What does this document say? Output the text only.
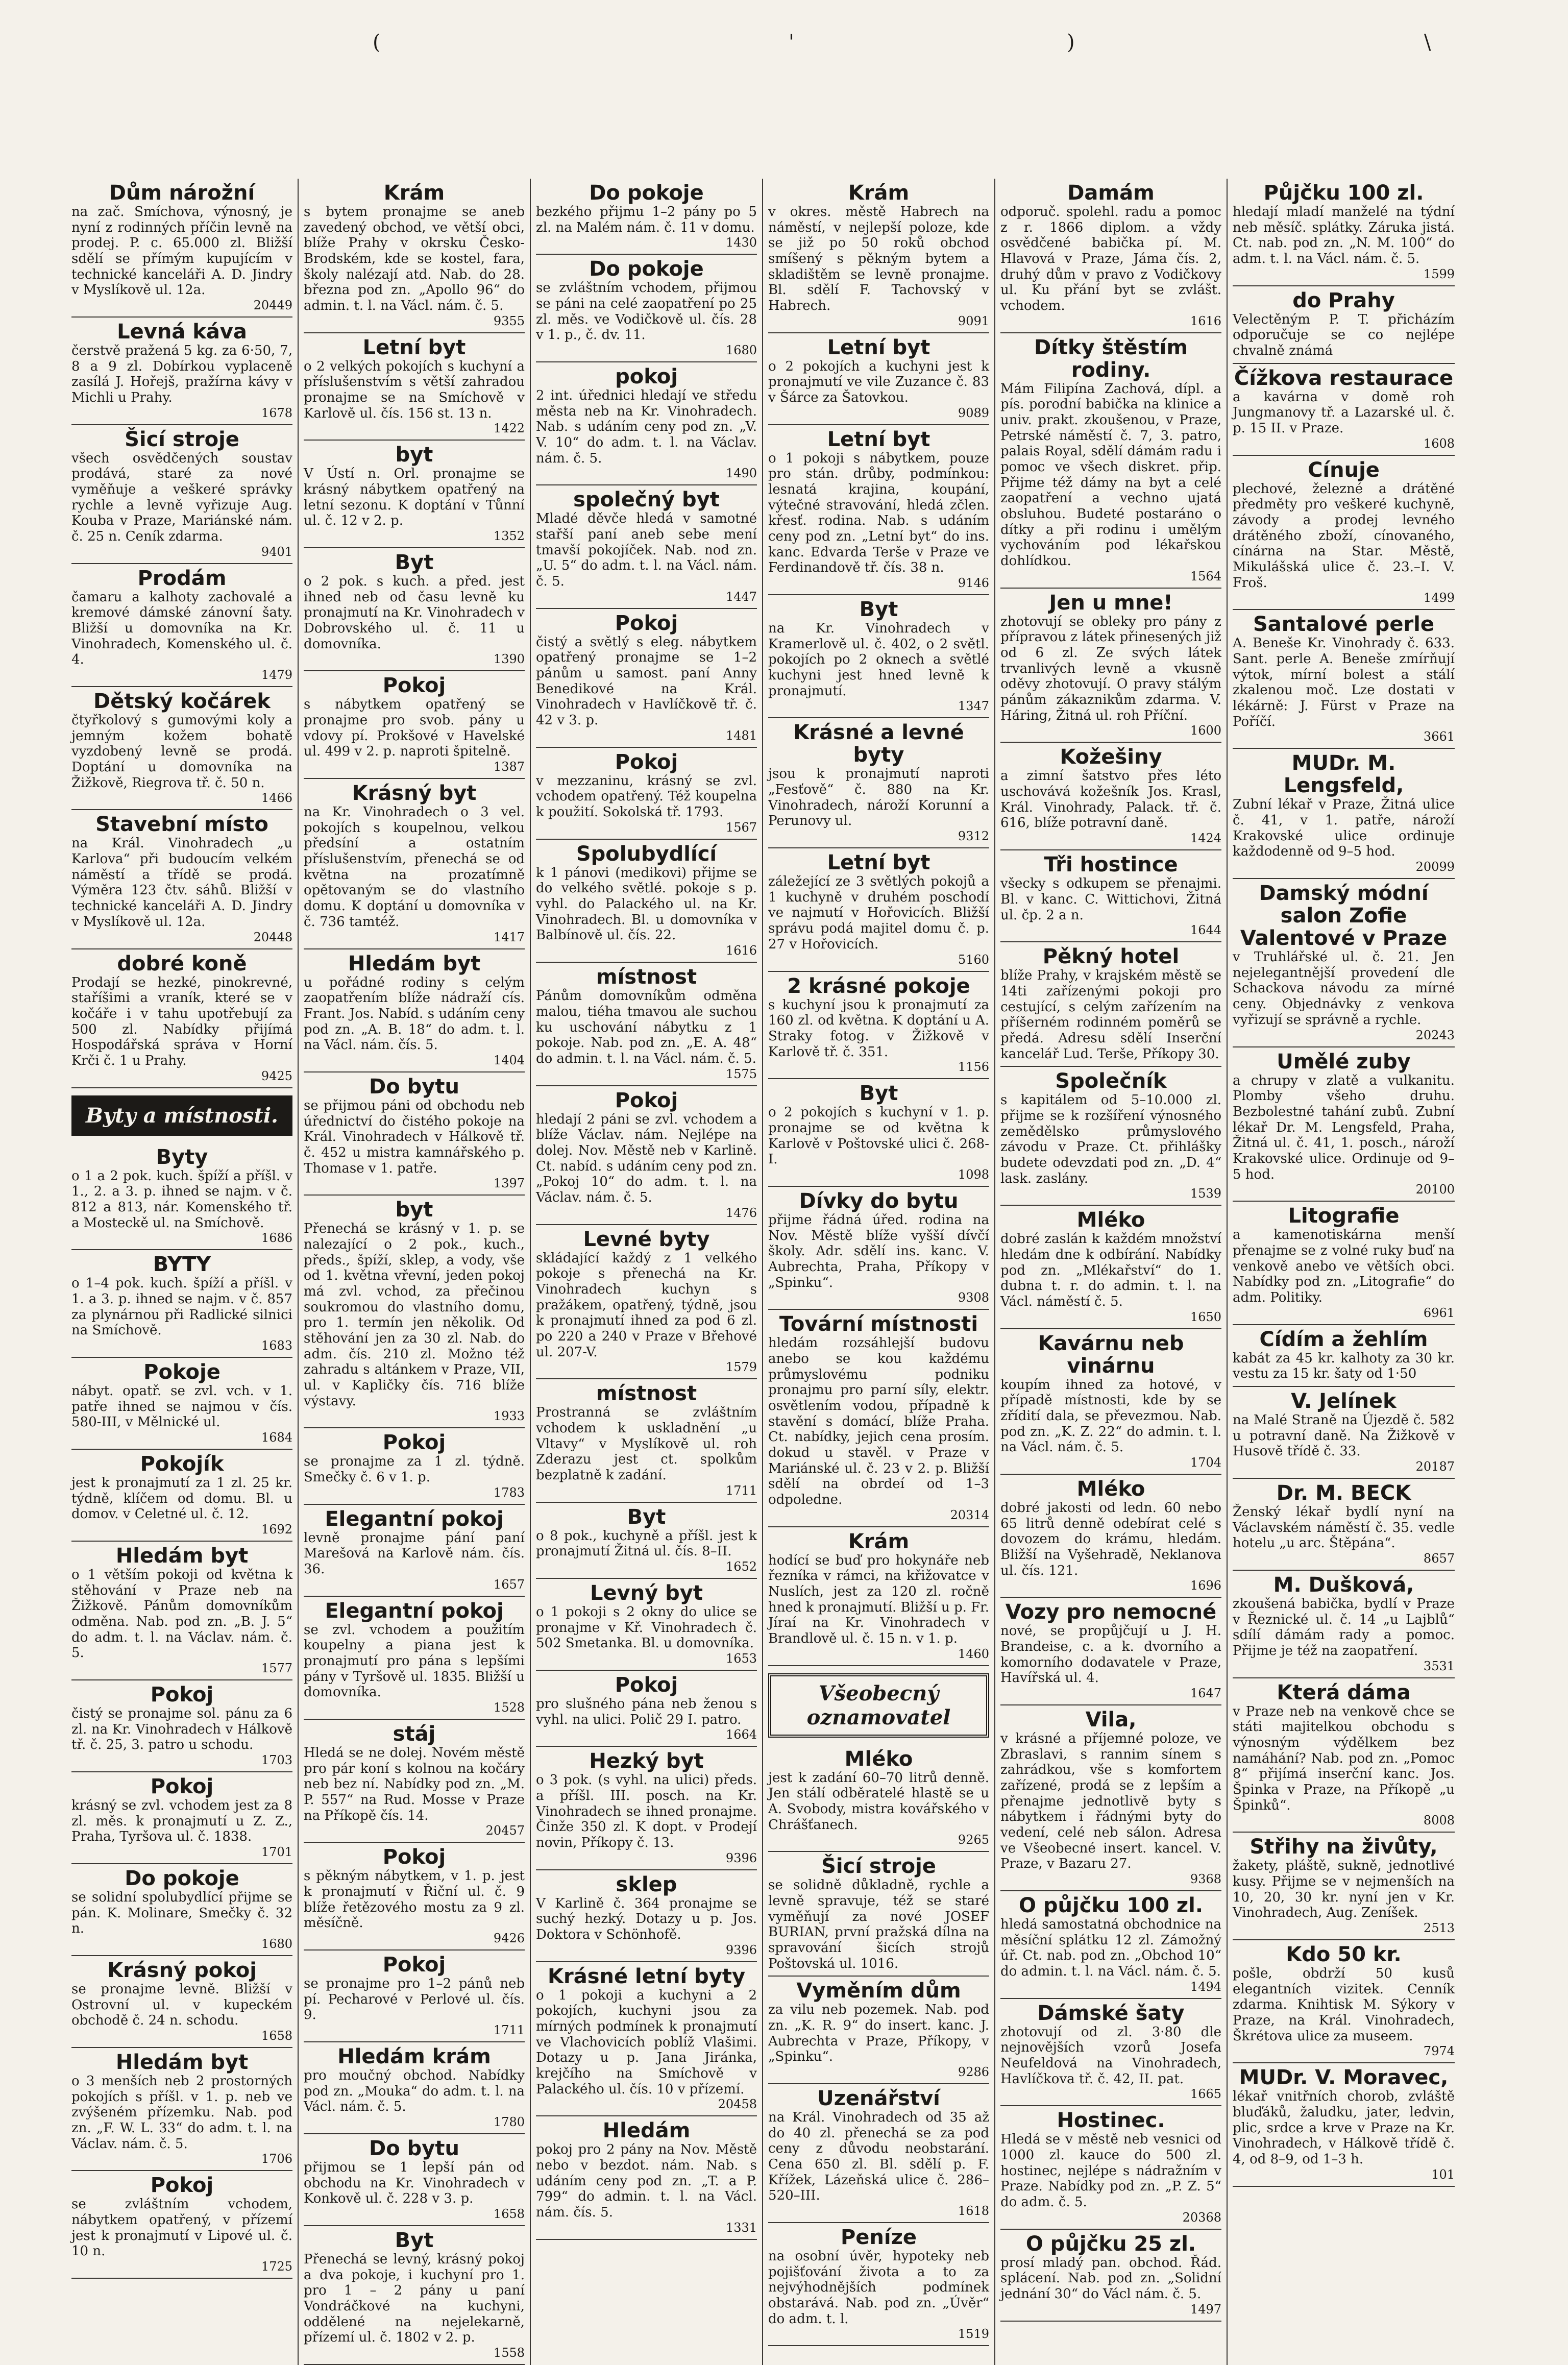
(	'	)	\
Dům nárožní
na zač. Smíchova, výnosný, je nyní z rodinných příčin levně na prodej. P. c. 65.000 zl. Bližší sdělí se přímým kupujícím v technické kanceláři A. D. Jindry v Myslíkově ul. 12a.
20449
Levná káva
čerstvě pražená 5 kg. za 6·50, 7, 8 a 9 zl. Dobírkou vyplaceně zasílá J. Hořejš, pražírna kávy v Michli u Prahy.
1678
Šicí stroje
všech osvědčených soustav prodává, staré za nové vyměňuje a veškeré správky rychle a levně vyřizuje Aug. Kouba v Praze, Mariánské nám. č. 25 n. Ceník zdarma.
9401
Prodám
čamaru a kalhoty zachovalé a kremové dámské zánovní šaty. Bližší u domovníka na Kr. Vinohradech, Komenského ul. č. 4.
1479
Dětský kočárek
čtyřkolový s gumovými koly a jemným kožem bohatě vyzdobený levně se prodá. Doptání u domovníka na Žižkově, Riegrova tř. č. 50 n.
1466
Stavební místo
na Král. Vinohradech „u Karlova“ při budoucím velkém náměstí a třídě se prodá. Výměra 123 čtv. sáhů. Bližší v technické kanceláři A. D. Jindry v Myslíkově ul. 12a.
20448
dobré koně
Prodají se hezké, pinokrevné, staříšimi a vraník, které se v kočáře i v tahu upotřebují za 500 zl. Nabídky přijímá Hospodářská správa v Horní Krči č. 1 u Prahy.
9425
Byty a místnosti.
Byty
o 1 a 2 pok. kuch. špíží a příšl. v 1., 2. a 3. p. ihned se najm. v č. 812 a 813, nár. Komenského tř. a Mosteckě ul. na Smíchově.
1686
BYTY
o 1–4 pok. kuch. špíží a příšl. v 1. a 3. p. ihned se najm. v č. 857 za plynárnou při Radlické silnici na Smíchově.
1683
Pokoje
nábyt. opatř. se zvl. vch. v 1. patře ihned se najmou v čís. 580-III, v Mělnické ul.
1684
Pokojík
jest k pronajmutí za 1 zl. 25 kr. týdně, klíčem od domu. Bl. u domov. v Celetné ul. č. 12.
1692
Hledám byt
o 1 větším pokoji od května k stěhování v Praze neb na Žižkově. Pánům domovníkům odměna. Nab. pod zn. „B. J. 5“ do adm. t. l. na Václav. nám. č. 5.
1577
Pokoj
čistý se pronajme sol. pánu za 6 zl. na Kr. Vinohradech v Hálkově tř. č. 25, 3. patro u schodu.
1703
Pokoj
krásný se zvl. vchodem jest za 8 zl. měs. k pronajmutí u Z. Z., Praha, Tyršova ul. č. 1838.
1701
Do pokoje
se solidní spolubydlící přijme se pán. K. Molinare, Smečky č. 32 n.
1680
Krásný pokoj
se pronajme levně. Bližší v Ostrovní ul. v kupeckém obchodě č. 24 n. schodu.
1658
Hledám byt
o 3 menších neb 2 prostorných pokojích s příšl. v 1. p. neb ve zvýšeném přízemku. Nab. pod zn. „F. W. L. 33“ do adm. t. l. na Václav. nám. č. 5.
1706
Pokoj
se zvláštním vchodem, nábytkem opatřený, v přízemí jest k pronajmutí v Lipové ul. č. 10 n.
1725
Krám
s bytem pronajme se aneb zavedený obchod, ve větší obci, blíže Prahy v okrsku Česko-Brodském, kde se kostel, fara, školy nalézají atd. Nab. do 28. března pod zn. „Apollo 96“ do admin. t. l. na Václ. nám. č. 5.
9355
Letní byt
o 2 velkých pokojích s kuchyní a příslušenstvím s větší zahradou pronajme se na Smíchově v Karlově ul. čís. 156 st. 13 n.
1422
byt
V Ústí n. Orl. pronajme se krásný nábytkem opatřený na letní sezonu. K doptání v Tůnní ul. č. 12 v 2. p.
1352
Byt
o 2 pok. s kuch. a před. jest ihned neb od času levně ku pronajmutí na Kr. Vinohradech v Dobrovského ul. č. 11 u domovníka.
1390
Pokoj
s nábytkem opatřený se pronajme pro svob. pány u vdovy pí. Prokšové v Havelské ul. 499 v 2. p. naproti špitelně.
1387
Krásný byt
na Kr. Vinohradech o 3 vel. pokojích s koupelnou, velkou předsíní a ostatním příslušenstvím, přenechá se od května na prozatímně opětovaným se do vlastního domu. K doptání u domovníka v č. 736 tamtéž.
1417
Hledám byt
u pořádné rodiny s celým zaopatřením blíže nádraží cís. Frant. Jos. Nabíd. s udáním ceny pod zn. „A. B. 18“ do adm. t. l. na Václ. nám. čís. 5.
1404
Do bytu
se přijmou páni od obchodu neb úřednictví do čistého pokoje na Král. Vinohradech v Hálkově tř. č. 452 u mistra kamnářského p. Thomase v 1. patře.
1397
byt
Přenechá se krásný v 1. p. se nalezající o 2 pok., kuch., předs., špíží, sklep, a vody, vše od 1. května vřevní, jeden pokoj má zvl. vchod, za přečinou soukromou do vlastního domu, pro 1. termín jen několik. Od stěhování jen za 30 zl. Nab. do adm. čís. 210 zl. Možno též zahradu s altánkem v Praze, VII, ul. v Kapličky čís. 716 blíže výstavy.
1933
Pokoj
se pronajme za 1 zl. týdně. Smečky č. 6 v 1. p.
1783
Elegantní pokoj
levně pronajme pání paní Marešová na Karlově nám. čís. 36.
1657
Elegantní pokoj
se zvl. vchodem a použitím koupelny a piana jest k pronajmutí pro pána s lepšími pány v Tyršově ul. 1835. Bližší u domovníka.
1528
stáj
Hledá se ne dolej. Novém městě pro pár koní s kolnou na kočáry neb bez ní. Nabídky pod zn. „M. P. 557“ na Rud. Mosse v Praze na Příkopě čís. 14.
20457
Pokoj
s pěkným nábytkem, v 1. p. jest k pronajmutí v Řiční ul. č. 9 blíže řetězového mostu za 9 zl. měsíčně.
9426
Pokoj
se pronajme pro 1–2 pánů neb pí. Pecharové v Perlové ul. čís. 9.
1711
Hledám krám
pro moučný obchod. Nabídky pod zn. „Mouka“ do adm. t. l. na Václ. nám. č. 5.
1780
Do bytu
přijmou se 1 lepší pán od obchodu na Kr. Vinohradech v Konkově ul. č. 228 v 3. p.
1658
Byt
Přenechá se levný, krásný pokoj a dva pokoje, i kuchyní pro 1. pro 1 – 2 pány u paní Vondráčkové na kuchyni, oddělené na nejelekarně, přízemí ul. č. 1802 v 2. p.
1558
Do pokoje
bezkého přijmu 1–2 pány po 5 zl. na Malém nám. č. 11 v domu.
1430
Do pokoje
se zvláštním vchodem, přijmou se páni na celé zaopatření po 25 zl. měs. ve Vodičkově ul. čís. 28 v 1. p., č. dv. 11.
1680
pokoj
2 int. úřednici hledají ve středu města neb na Kr. Vinohradech. Nab. s udáním ceny pod zn. „V. V. 10“ do adm. t. l. na Václav. nám. č. 5.
1490
společný byt
Mladé děvče hledá v samotné stařší paní aneb sebe mení tmavší pokojíček. Nab. nod zn. „U. 5“ do adm. t. l. na Václ. nám. č. 5.
1447
Pokoj
čistý a světlý s eleg. nábytkem opatřený pronajme se 1–2 pánům u samost. paní Anny Benedikové na Král. Vinohradech v Havlíčkově tř. č. 42 v 3. p.
1481
Pokoj
v mezzaninu, krásný se zvl. vchodem opatřený. Též koupelna k použití. Sokolská tř. 1793.
1567
Spolubydlící
k 1 pánovi (medikovi) přijme se do velkého světlé. pokoje s p. vyhl. do Palackého ul. na Kr. Vinohradech. Bl. u domovníka v Balbínově ul. čís. 22.
1616
místnost
Pánům domovníkům odměna malou, tiéha tmavou ale suchou ku uschování nábytku z 1 pokoje. Nab. pod zn. „E. A. 48“ do admin. t. l. na Václ. nám. č. 5.
1575
Pokoj
hledají 2 páni se zvl. vchodem a blíže Václav. nám. Nejlépe na dolej. Nov. Městě neb v Karlině. Ct. nabíd. s udáním ceny pod zn. „Pokoj 10“ do adm. t. l. na Václav. nám. č. 5.
1476
Levné byty
skládající každý z 1 velkého pokoje s přenechá na Kr. Vinohradech kuchyn s pražákem, opatřený, týdně, jsou k pronajmutí ihned za pod 6 zl. po 220 a 240 v Praze v Břehové ul. 207-V.
1579
místnost
Prostranná se zvláštním vchodem k uskladnění „u Vltavy“ v Myslíkově ul. roh Zderazu jest ct. spolkům bezplatně k zadání.
1711
Byt
o 8 pok., kuchyně a příšl. jest k pronajmutí Žitná ul. čís. 8–II.
1652
Levný byt
o 1 pokoji s 2 okny do ulice se pronajme v Kř. Vinohradech č. 502 Smetanka. Bl. u domovníka.
1653
Pokoj
pro slušného pána neb ženou s vyhl. na ulici. Polič 29 I. patro.
1664
Hezký byt
o 3 pok. (s vyhl. na ulici) předs. a příšl. III. posch. na Kr. Vinohradech se ihned pronajme. Činže 350 zl. K dopt. v Prodejí novin, Příkopy č. 13.
9396
sklep
V Karlině č. 364 pronajme se suchý hezký. Dotazy u p. Jos. Doktora v Schönhofě.
9396
Krásné letní byty
o 1 pokoji a kuchyni a 2 pokojích, kuchyni jsou za mírných podmínek k pronajmutí ve Vlachovicích poblíž Vlašimi. Dotazy u p. Jana Jiránka, krejčího na Smíchově v Palackého ul. čís. 10 v přízemí.
20458
Hledám
pokoj pro 2 pány na Nov. Městě nebo v bezdot. nám. Nab. s udáním ceny pod zn. „T. a P. 799“ do admin. t. l. na Václ. nám. čís. 5.
1331
Krám
v okres. městě Habrech na náměstí, v nejlepší poloze, kde se již po 50 roků obchod smíšený s pěkným bytem a skladištěm se levně pronajme. Bl. sdělí F. Tachovský v Habrech.
9091
Letní byt
o 2 pokojích a kuchyni jest k pronajmutí ve vile Zuzance č. 83 v Šárce za Šatovkou.
9089
Letní byt
o 1 pokoji s nábytkem, pouze pro stán. drůby, podmínkou: lesnatá krajina, koupání, výtečné stravování, hledá zčlen. křesť. rodina. Nab. s udáním ceny pod zn. „Letní byt“ do ins. kanc. Edvarda Terše v Praze ve Ferdinandově tř. čís. 38 n.
9146
Byt
na Kr. Vinohradech v Kramerlově ul. č. 402, o 2 světl. pokojích po 2 oknech a světlé kuchyni jest hned levně k pronajmutí.
1347
Krásné a levné byty
jsou k pronajmutí naproti „Fesťově“ č. 880 na Kr. Vinohradech, nároží Korunní a Perunovy ul.
9312
Letní byt
záležející ze 3 světlých pokojů a 1 kuchyně v druhém poschodí ve najmutí v Hořovicích. Bližší správu podá majitel domu č. p. 27 v Hořovicích.
5160
2 krásné pokoje
s kuchyní jsou k pronajmutí za 160 zl. od května. K doptání u A. Straky fotog. v Žižkově v Karlově tř. č. 351.
1156
Byt
o 2 pokojích s kuchyní v 1. p. pronajme se od května k Karlově v Poštovské ulici č. 268-I.
1098
Dívky do bytu
přijme řádná úřed. rodina na Nov. Městě blíže vyšší dívčí školy. Adr. sdělí ins. kanc. V. Aubrechta, Praha, Příkopy v „Spinku“.
9308
Tovární místnosti
hledám rozsáhlejší budovu anebo se kou každému průmyslovému podniku pronajmu pro parní síly, elektr. osvětlením vodou, případně k stavění s domácí, blíže Praha. Ct. nabídky, jejich cena prosím. dokud u stavěl. v Praze v Mariánské ul. č. 23 v 2. p. Bližší sdělí na obrdeí od 1–3 odpoledne.
20314
Krám
hodící se buď pro hokynáře neb řezníka v rámci, na křižovatce v Nuslích, jest za 120 zl. ročně hned k pronajmutí. Bližší u p. Fr. Jíraí na Kr. Vinohradech v Brandlově ul. č. 15 n. v 1. p.
1460
Všeobecný oznamovatel
Mléko
jest k zadání 60–70 litrů denně. Jen stálí odběratelé hlastě se u A. Svobody, mistra kovářského v Chrášťanech.
9265
Šicí stroje
se solidně důkladně, rychle a levně spravuje, též se staré vyměňují za nové JOSEF BURIAN, první pražská dílna na spravování šicích strojů Poštovská ul. 1016.
Vyměním dům
za vilu neb pozemek. Nab. pod zn. „K. R. 9“ do insert. kanc. J. Aubrechta v Praze, Příkopy, v „Spinku“.
9286
Uzenářství
na Král. Vinohradech od 35 až do 40 zl. přenechá se za pod ceny z důvodu neobstarání. Cena 650 zl. Bl. sdělí p. F. Křížek, Lázeňská ulice č. 286–520–III.
1618
Peníze
na osobní úvěr, hypoteky neb pojišťování života a to za nejvýhodnějších podmínek obstarává. Nab. pod zn. „Úvěr“ do adm. t. l.
1519
Damám
odporuč. spolehl. radu a pomoc z r. 1866 diplom. a vždy osvědčené babička pí. M. Hlavová v Praze, Jáma čís. 2, druhý dům v pravo z Vodičkovy ul. Ku přání byt se zvlášt. vchodem.
1616
Dítky štěstím rodiny.
Mám Filipína Zachová, dípl. a pís. porodní babička na klinice a univ. prakt. zkoušenou, v Praze, Petrské náměstí č. 7, 3. patro, palais Royal, sdělí dámám radu i pomoc ve všech diskret. přip. Přijme též dámy na byt a celé zaopatření a vechno ujatá obsluhou. Budeté postaráno o dítky a při rodinu i umělým vychováním pod lékařskou dohlídkou.
1564
Jen u mne!
zhotovují se obleky pro pány z přípravou z látek přinesených již od 6 zl. Ze svých látek trvanlivých levně a vkusně oděvy zhotovují. O pravy stálým pánům zákaznikům zdarma. V. Háring, Žitná ul. roh Příční.
1600
Kožešiny
a zimní šatstvo přes léto uschovává kožešník Jos. Krasl, Král. Vinohrady, Palack. tř. č. 616, blíže potravní daně.
1424
Tři hostince
všecky s odkupem se přenajmi. Bl. v kanc. C. Wittichovi, Žitná ul. čp. 2 a n.
1644
Pěkný hotel
blíže Prahy, v krajském městě se 14ti zařízenými pokoji pro cestující, s celým zařízením na příšerném rodinném poměrů se předá. Adresu sdělí Inserční kancelář Lud. Terše, Příkopy 30.
Společník
s kapitálem od 5–10.000 zl. přijme se k rozšíření výnosného zemědělsko průmyslového závodu v Praze. Ct. přihlášky budete odevzdati pod zn. „D. 4“ lask. zaslány.
1539
Mléko
dobré zaslán k každém množství hledám dne k odbírání. Nabídky pod zn. „Mlékařství“ do 1. dubna t. r. do admin. t. l. na Václ. náměstí č. 5.
1650
Kavárnu neb vinárnu
koupím ihned za hotové, v případě místnosti, kde by se zřídití dala, se převezmou. Nab. pod zn. „K. Z. 22“ do admin. t. l. na Václ. nám. č. 5.
1704
Mléko
dobré jakosti od ledn. 60 nebo 65 litrů denně odebírat celé s dovozem do krámu, hledám. Bližší na Vyšehradě, Neklanova ul. čís. 121.
1696
Vozy pro nemocné
nové, se propůjčují u J. H. Brandeise, c. a k. dvorního a komorního dodavatele v Praze, Havířská ul. 4.
1647
Vila,
v krásné a příjemné poloze, ve Zbraslavi, s rannim sínem s zahrádkou, vše s komfortem zařízené, prodá se z lepším a přenajme jednotlivě byty s nábytkem i řádnými byty do vedení, celé neb sálon. Adresa ve Všeobecné insert. kancel. V. Praze, v Bazaru 27.
9368
O půjčku 100 zl.
hledá samostatná obchodnice na měsíční splátku 12 zl. Zámožný úř. Ct. nab. pod zn. „Obchod 10“ do admin. t. l. na Václ. nám. č. 5.
1494
Dámské šaty
zhotovují od zl. 3·80 dle nejnovějších vzorů Josefa Neufeldová na Vinohradech, Havlíčkova tř. č. 42, II. pat.
1665
Hostinec.
Hledá se v městě neb vesnici od 1000 zl. kauce do 500 zl. hostinec, nejlépe s nádražním v Praze. Nabídky pod zn. „P. Z. 5“ do adm. č. 5.
20368
O půjčku 25 zl.
prosí mladý pan. obchod. Řád. splácení. Nab. pod zn. „Solidní jednání 30“ do Václ nám. č. 5.
1497
Půjčku 100 zl.
hledají mladí manželé na týdní neb měsíč. splátky. Záruka jistá. Ct. nab. pod zn. „N. M. 100“ do adm. t. l. na Václ. nám. č. 5.
1599
do Prahy
Velectěným P. T. přicházím odporučuje se co nejlépe chvalně známá
Čížkova restaurace
a kavárna v domě roh Jungmanovy tř. a Lazarské ul. č. p. 15 II. v Praze.
1608
Cínuje
plechové, železné a drátěné předměty pro veškeré kuchyně, závody a prodej levného drátěného zboží, cínovaného, cínárna na Star. Městě, Mikulášská ulice č. 23.–I. V. Froš.
1499
Santalové perle
A. Beneše Kr. Vinohrady č. 633. Sant. perle A. Beneše zmírňují výtok, mírní bolest a stálí zkalenou moč. Lze dostati v lékárně: J. Fürst v Praze na Poříčí.
3661
MUDr. M. Lengsfeld,
Zubní lékař v Praze, Žitná ulice č. 41, v 1. patře, nároží Krakovské ulice ordinuje každodenně od 9–5 hod.
20099
Damský módní salon Zofie Valentové v Praze
v Truhlářské ul. č. 21. Jen nejelegantnější provedení dle Schackova návodu za mírné ceny. Objednávky z venkova vyřizují se správně a rychle.
20243
Umělé zuby
a chrupy v zlatě a vulkanitu. Plomby všeho druhu. Bezbolestné tahání zubů. Zubní lékař Dr. M. Lengsfeld, Praha, Žitná ul. č. 41, 1. posch., nároží Krakovské ulice. Ordinuje od 9–5 hod.
20100
Litografie
a kamenotiskárna menší přenajme se z volné ruky buď na venkově anebo ve větších obci. Nabídky pod zn. „Litografie“ do adm. Politiky.
6961
Cídím a žehlím
kabát za 45 kr. kalhoty za 30 kr. vestu za 15 kr. šaty od 1·50
V. Jelínek
na Malé Straně na Újezdě č. 582 u potravní daně. Na Žižkově v Husově třídě č. 33.
20187
Dr. M. BECK
Ženský lékař bydlí nyní na Václavském náměstí č. 35. vedle hotelu „u arc. Štěpána“.
8657
M. Dušková,
zkoušená babička, bydlí v Praze v Řeznické ul. č. 14 „u Lajblů“ sdílí dámám rady a pomoc. Přijme je též na zaopatření.
3531
Která dáma
v Praze neb na venkově chce se státi majitelkou obchodu s výnosným výdělkem bez namáhání? Nab. pod zn. „Pomoc 8“ přijímá inserční kanc. Jos. Špinka v Praze, na Příkopě „u Špinků“.
8008
Střihy na živůty,
žakety, pláště, sukně, jednotlivé kusy. Přijme se v nejmenších na 10, 20, 30 kr. nyní jen v Kr. Vinohradech, Aug. Zeníšek.
2513
Kdo 50 kr.
pošle, obdrží 50 kusů elegantních vizitek. Cenník zdarma. Knihtisk M. Sýkory v Praze, na Král. Vinohradech, Škrétova ulice za museem.
7974
MUDr. V. Moravec,
lékař vnitřních chorob, zvláště bluďáků, žaludku, jater, ledvin, plic, srdce a krve v Praze na Kr. Vinohradech, v Hálkově třídě č. 4, od 8–9, od 1–3 h.
101
